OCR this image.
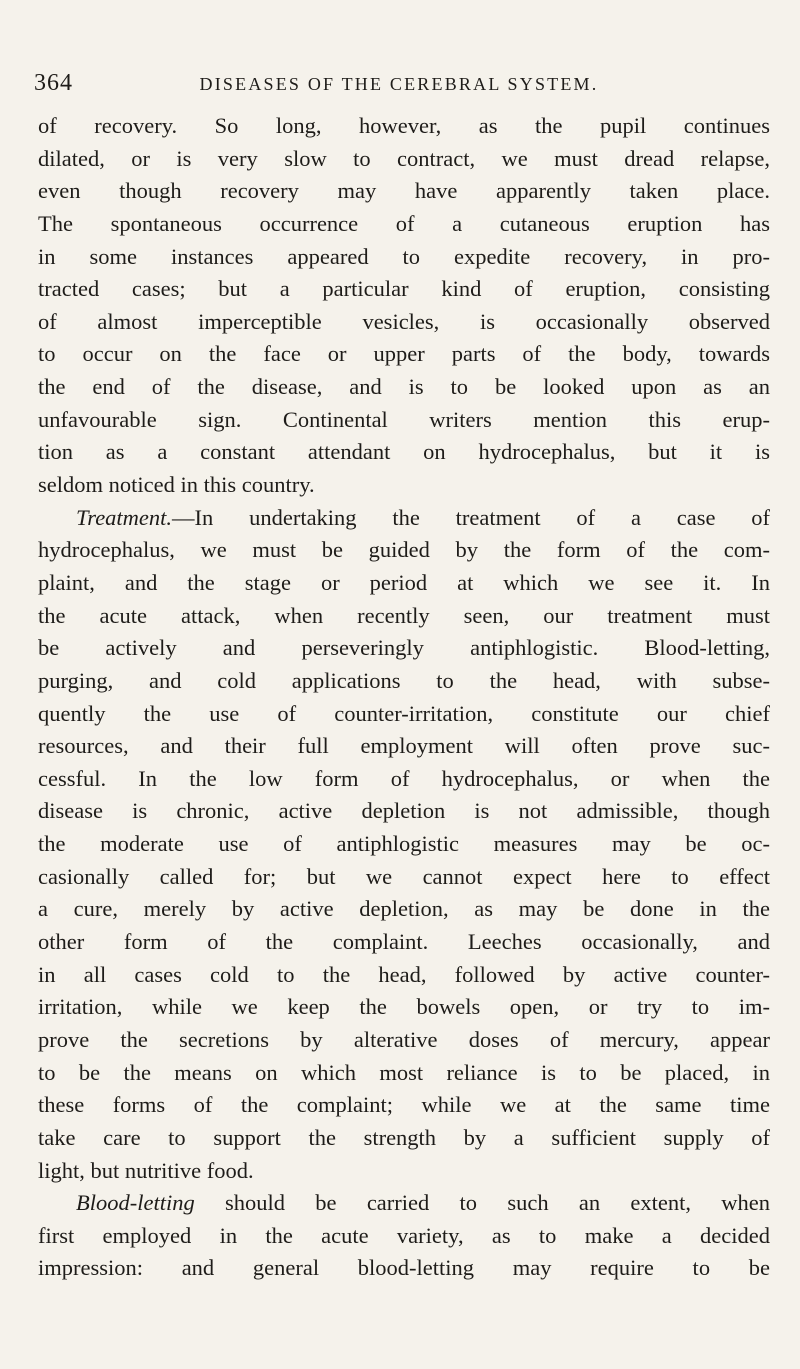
364	DISEASES OF THE CEREBRAL SYSTEM.
of recovery. So long, however, as the pupil continues
dilated, or is very slow to contract, we must dread relapse,
even though recovery may have apparently taken place.
The spontaneous occurrence of a cutaneous eruption has
in some instances appeared to expedite recovery, in pro-
tracted cases; but a particular kind of eruption, consisting
of almost imperceptible vesicles, is occasionally observed
to occur on the face or upper parts of the body, towards
the end of the disease, and is to be looked upon as an
unfavourable sign. Continental writers mention this erup-
tion as a constant attendant on hydrocephalus, but it is
seldom noticed in this country.
Treatment.—In undertaking the treatment of a case of
hydrocephalus, we must be guided by the form of the com-
plaint, and the stage or period at which we see it. In
the acute attack, when recently seen, our treatment must
be actively and perseveringly antiphlogistic. Blood-letting,
purging, and cold applications to the head, with subse-
quently the use of counter-irritation, constitute our chief
resources, and their full employment will often prove suc-
cessful. In the low form of hydrocephalus, or when the
disease is chronic, active depletion is not admissible, though
the moderate use of antiphlogistic measures may be oc-
casionally called for; but we cannot expect here to effect
a cure, merely by active depletion, as may be done in the
other form of the complaint. Leeches occasionally, and
in all cases cold to the head, followed by active counter-
irritation, while we keep the bowels open, or try to im-
prove the secretions by alterative doses of mercury, appear
to be the means on which most reliance is to be placed, in
these forms of the complaint; while we at the same time
take care to support the strength by a sufficient supply of
light, but nutritive food.
Blood-letting should be carried to such an extent, when
first employed in the acute variety, as to make a decided
impression: and general blood-letting may require to be
